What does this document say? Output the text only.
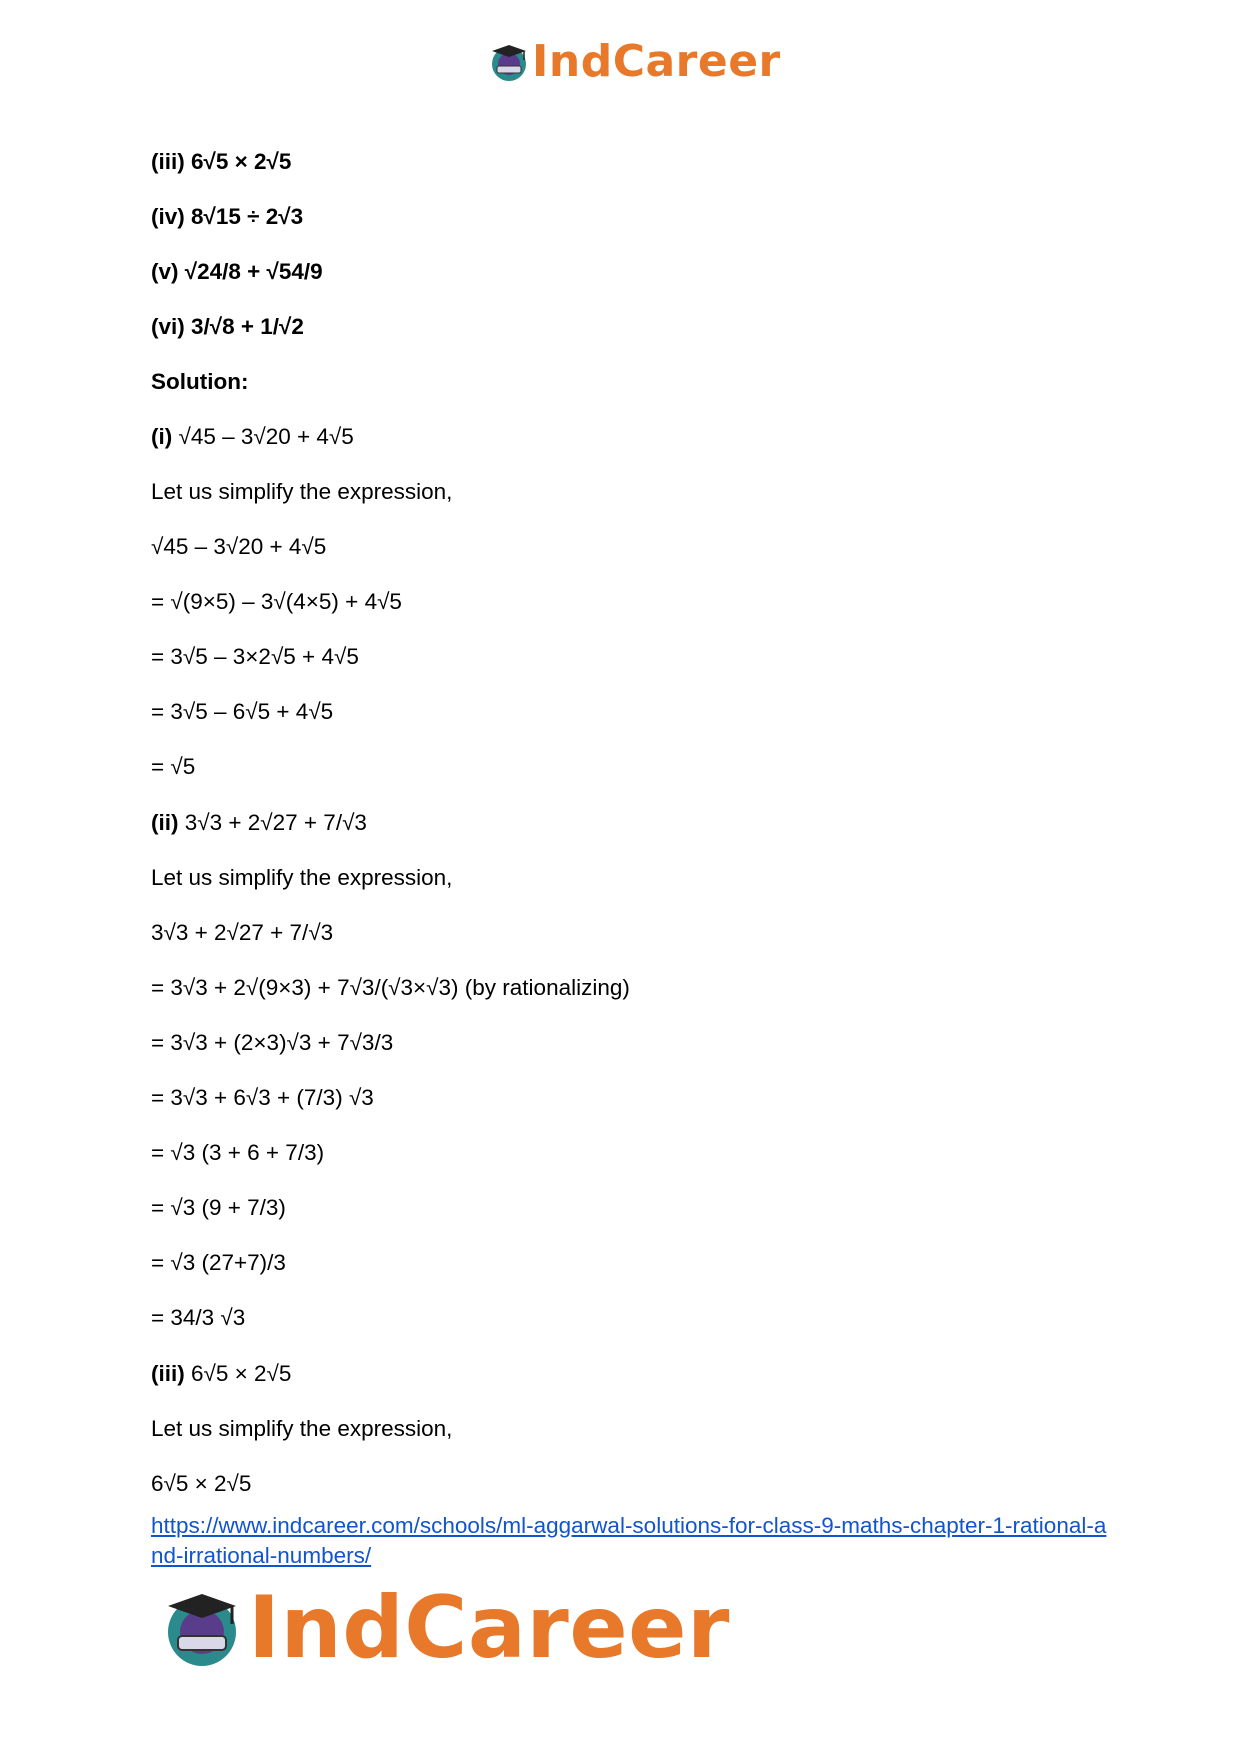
IndCareer
(iii) 6√5 × 2√5
(iv) 8√15 ÷ 2√3
(v) √24/8 + √54/9
(vi) 3/√8 + 1/√2
Solution:
(i) √45 – 3√20 + 4√5
Let us simplify the expression,
√45 – 3√20 + 4√5
= √(9×5) – 3√(4×5) + 4√5
= 3√5 – 3×2√5 + 4√5
= 3√5 – 6√5 + 4√5
= √5
(ii) 3√3 + 2√27 + 7/√3
Let us simplify the expression,
3√3 + 2√27 + 7/√3
= 3√3 + 2√(9×3) + 7√3/(√3×√3) (by rationalizing)
= 3√3 + (2×3)√3 + 7√3/3
= 3√3 + 6√3 + (7/3) √3
= √3 (3 + 6 + 7/3)
= √3 (9 + 7/3)
= √3 (27+7)/3
= 34/3 √3
(iii) 6√5 × 2√5
Let us simplify the expression,
6√5 × 2√5
https://www.indcareer.com/schools/ml-aggarwal-solutions-for-class-9-maths-chapter-1-rational-and-irrational-numbers/
IndCareer
